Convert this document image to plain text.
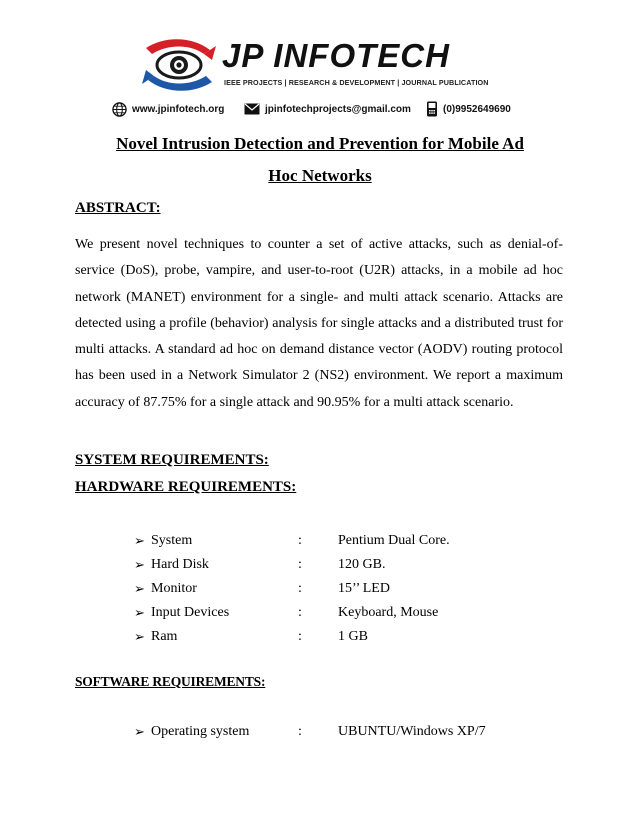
JP INFOTECH
IEEE PROJECTS | RESEARCH & DEVELOPMENT | JOURNAL PUBLICATION
www.jpinfotech.org	jpinfotechprojects@gmail.com	(0)9952649690
Novel Intrusion Detection and Prevention for Mobile Ad
Hoc Networks
ABSTRACT:

We present novel techniques to counter a set of active attacks, such as denial-of-service (DoS), probe, vampire, and user-to-root (U2R) attacks, in a mobile ad hoc network (MANET) environment for a single- and multi attack scenario. Attacks are detected using a profile (behavior) analysis for single attacks and a distributed trust for multi attacks. A standard ad hoc on demand distance vector (AODV) routing protocol has been used in a Network Simulator 2 (NS2) environment. We report a maximum accuracy of 87.75% for a single attack and 90.95% for a multi attack scenario.

SYSTEM REQUIREMENTS:
HARDWARE REQUIREMENTS:
➢ System	:	Pentium Dual Core.
➢ Hard Disk	:	120 GB.
➢ Monitor	:	15’’ LED
➢ Input Devices	:	Keyboard, Mouse
➢ Ram	:	1 GB
SOFTWARE REQUIREMENTS:
➢ Operating system	:	UBUNTU/Windows XP/7
